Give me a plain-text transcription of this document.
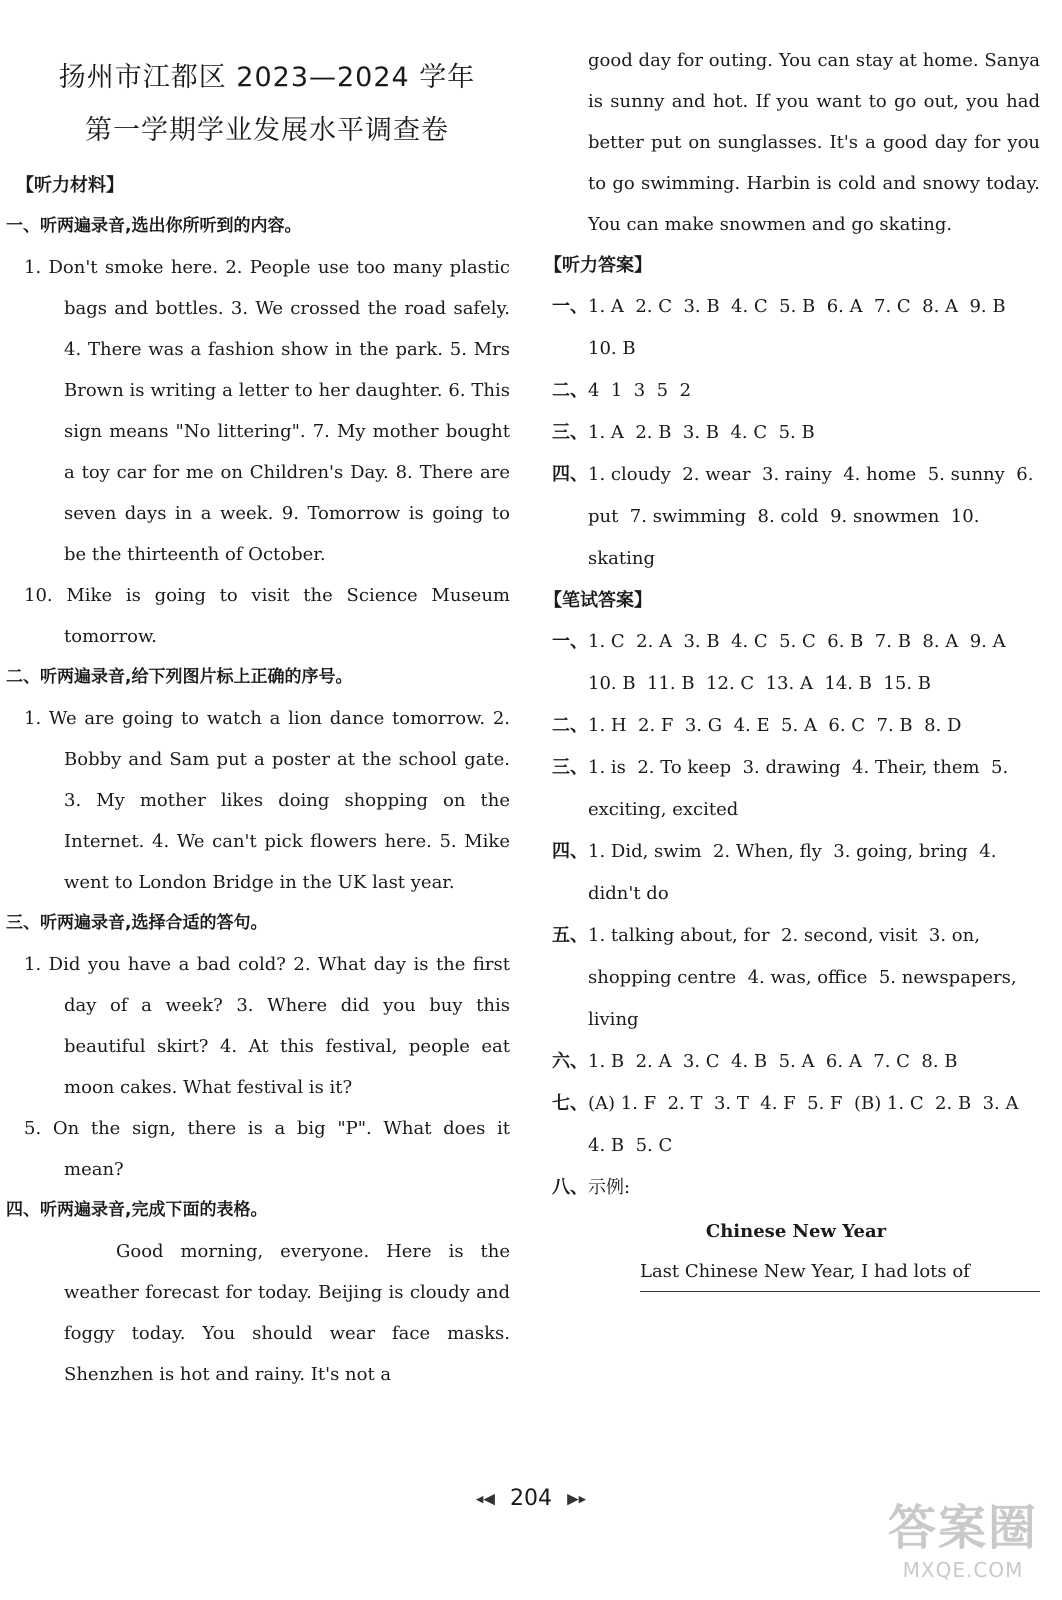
扬州市江都区 2023—2024 学年
第一学期学业发展水平调查卷
【听力材料】
一、听两遍录音,选出你所听到的内容。

1. Don't smoke here. 2. People use too many plastic bags and bottles. 3. We crossed the road safely. 4. There was a fashion show in the park. 5. Mrs Brown is writing a letter to her daughter. 6. This sign means "No littering". 7. My mother bought a toy car for me on Children's Day. 8. There are seven days in a week. 9. Tomorrow is going to be the thirteenth of October.

10. Mike is going to visit the Science Museum tomorrow.

二、听两遍录音,给下列图片标上正确的序号。

1. We are going to watch a lion dance tomorrow. 2. Bobby and Sam put a poster at the school gate. 3. My mother likes doing shopping on the Internet. 4. We can't pick flowers here. 5. Mike went to London Bridge in the UK last year.

三、听两遍录音,选择合适的答句。

1. Did you have a bad cold? 2. What day is the first day of a week? 3. Where did you buy this beautiful skirt? 4. At this festival, people eat moon cakes. What festival is it?

5. On the sign, there is a big "P". What does it mean?

四、听两遍录音,完成下面的表格。

Good morning, everyone. Here is the weather forecast for today. Beijing is cloudy and foggy today. You should wear face masks. Shenzhen is hot and rainy. It's not a

good day for outing. You can stay at home. Sanya is sunny and hot. If you want to go out, you had better put on sunglasses. It's a good day for you to go swimming. Harbin is cold and snowy today. You can make snowmen and go skating.

【听力答案】

一、1. A  2. C  3. B  4. C  5. B  6. A  7. C  8. A  9. B  10. B

二、4  1  3  5  2

三、1. A  2. B  3. B  4. C  5. B

四、1. cloudy  2. wear  3. rainy  4. home  5. sunny  6. put  7. swimming  8. cold  9. snowmen  10. skating

【笔试答案】

一、1. C  2. A  3. B  4. C  5. C  6. B  7. B  8. A  9. A  10. B  11. B  12. C  13. A  14. B  15. B

二、1. H  2. F  3. G  4. E  5. A  6. C  7. B  8. D

三、1. is  2. To keep  3. drawing  4. Their, them  5. exciting, excited

四、1. Did, swim  2. When, fly  3. going, bring  4. didn't do

五、1. talking about, for  2. second, visit  3. on, shopping centre  4. was, office  5. newspapers, living

六、1. B  2. A  3. C  4. B  5. A  6. A  7. C  8. B

七、(A) 1. F  2. T  3. T  4. F  5. F  (B) 1. C  2. B  3. A  4. B  5. C

八、示例:

Chinese New Year
Last Chinese New Year, I had lots of
◂◀ 204 ▶▸
答案圈
MXQE.COM
